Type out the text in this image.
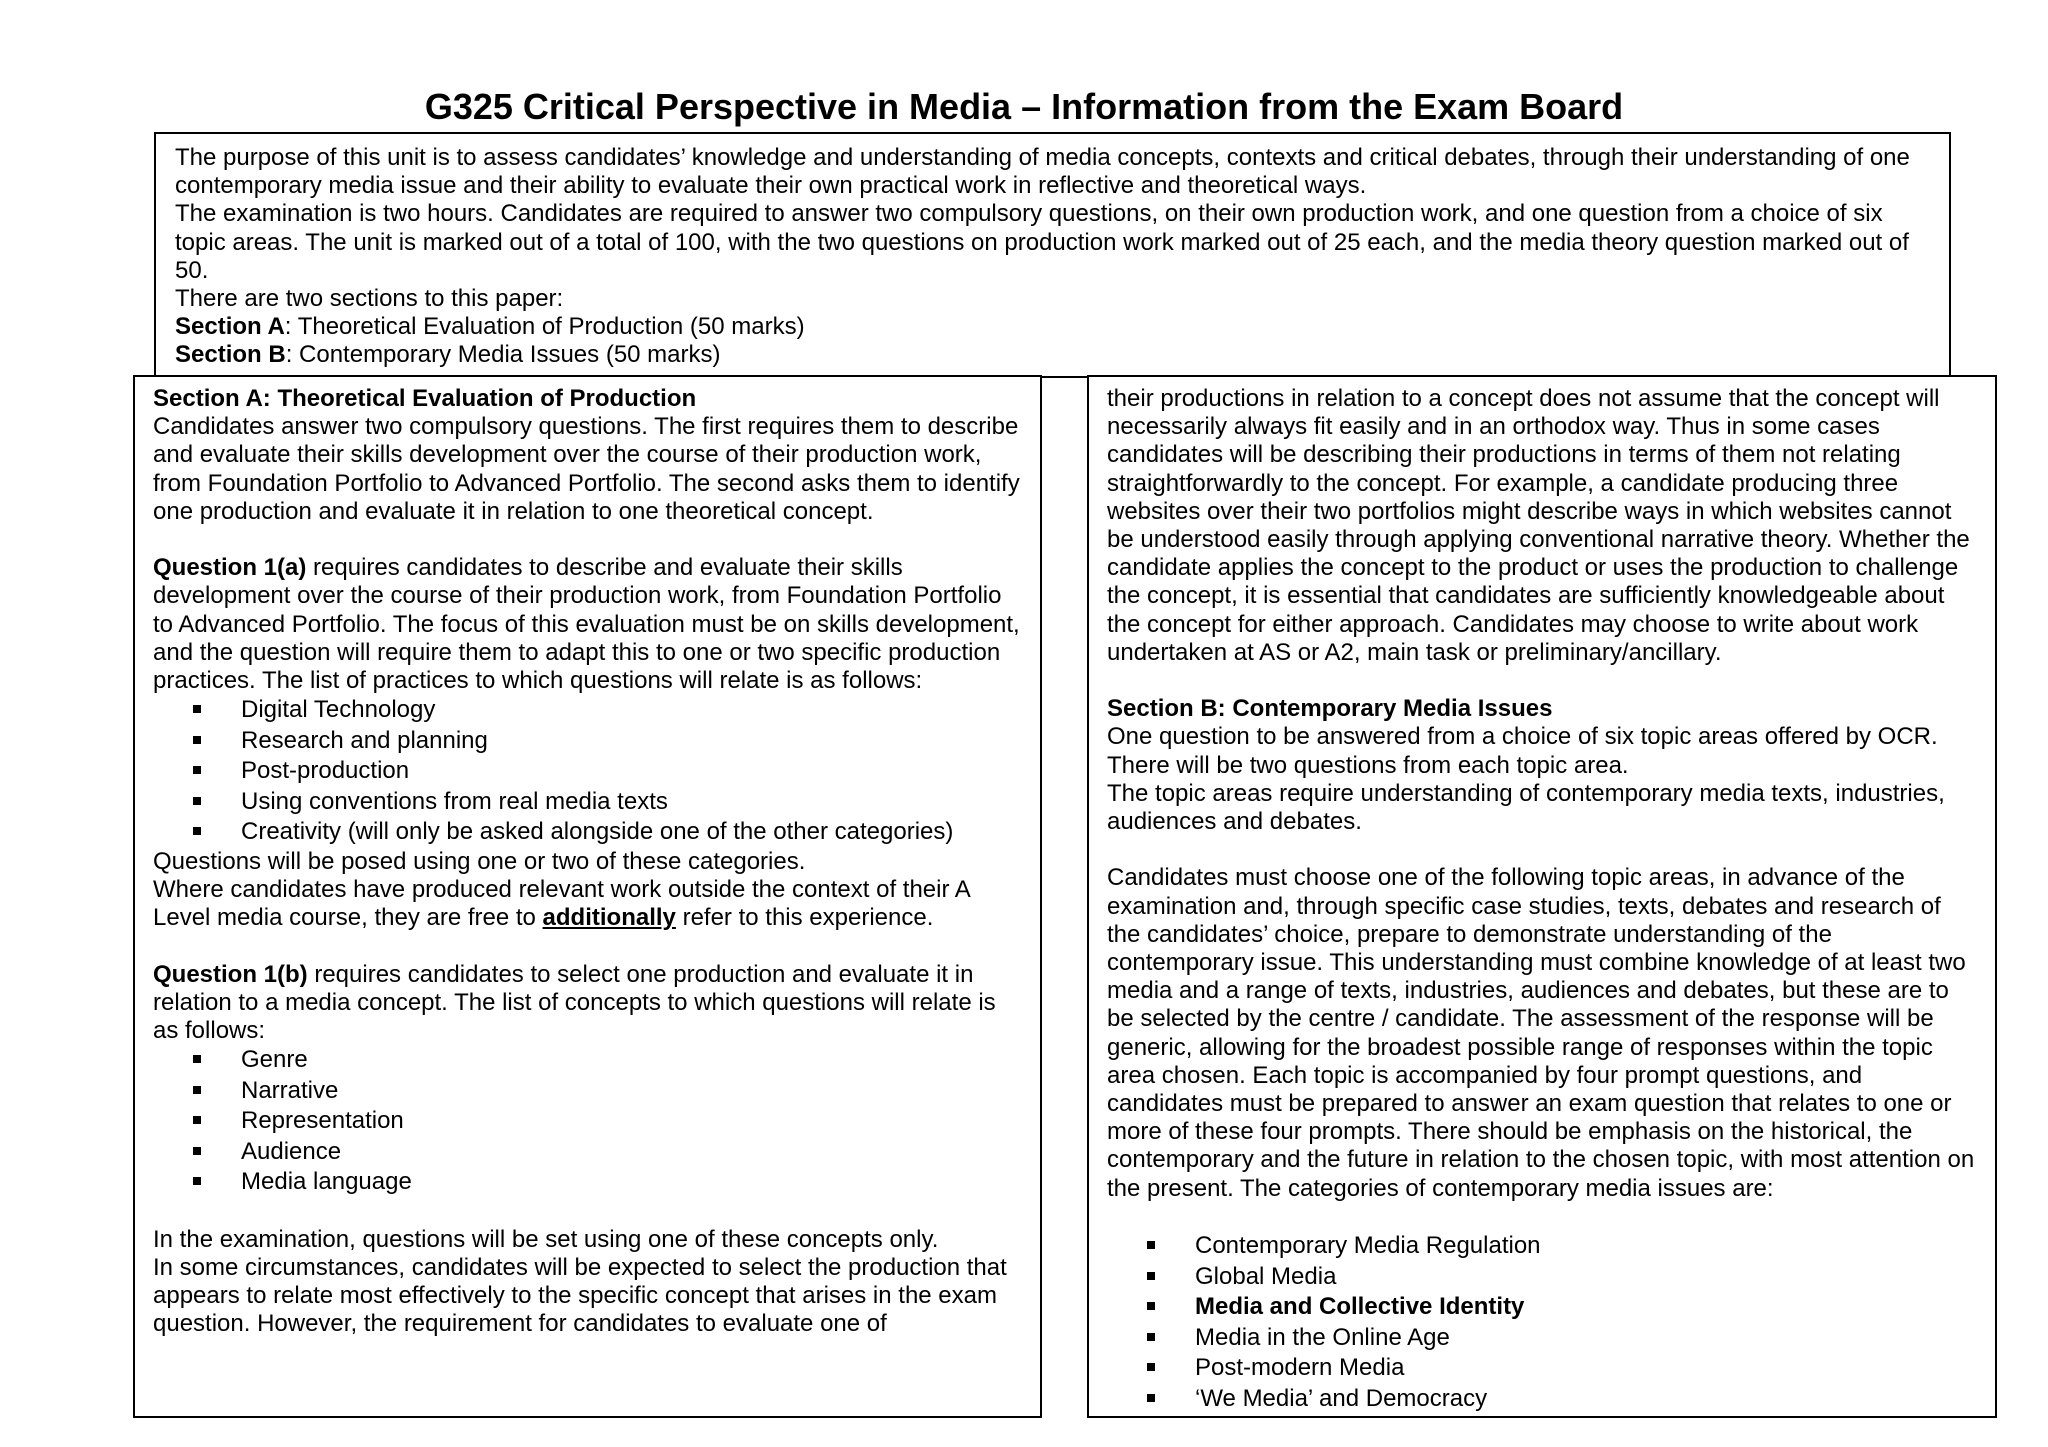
G325 Critical Perspective in Media – Information from the Exam Board

The purpose of this unit is to assess candidates’ knowledge and understanding of media concepts, contexts and critical debates, through their understanding of one contemporary media issue and their ability to evaluate their own practical work in reflective and theoretical ways.

The examination is two hours. Candidates are required to answer two compulsory questions, on their own production work, and one question from a choice of six topic areas. The unit is marked out of a total of 100, with the two questions on production work marked out of 25 each, and the media theory question marked out of 50.

There are two sections to this paper:

Section A: Theoretical Evaluation of Production (50 marks)

Section B: Contemporary Media Issues (50 marks)

Section A: Theoretical Evaluation of Production

Candidates answer two compulsory questions. The first requires them to describe and evaluate their skills development over the course of their production work, from Foundation Portfolio to Advanced Portfolio. The second asks them to identify one production and evaluate it in relation to one theoretical concept.

Question 1(a) requires candidates to describe and evaluate their skills development over the course of their production work, from Foundation Portfolio to Advanced Portfolio. The focus of this evaluation must be on skills development, and the question will require them to adapt this to one or two specific production practices. The list of practices to which questions will relate is as follows:

Digital Technology
Research and planning
Post-production
Using conventions from real media texts
Creativity (will only be asked alongside one of the other categories)

Questions will be posed using one or two of these categories.

Where candidates have produced relevant work outside the context of their A Level media course, they are free to additionally refer to this experience.

Question 1(b) requires candidates to select one production and evaluate it in relation to a media concept. The list of concepts to which questions will relate is as follows:

Genre
Narrative
Representation
Audience
Media language

In the examination, questions will be set using one of these concepts only.

In some circumstances, candidates will be expected to select the production that appears to relate most effectively to the specific concept that arises in the exam question. However, the requirement for candidates to evaluate one of

their productions in relation to a concept does not assume that the concept will necessarily always fit easily and in an orthodox way. Thus in some cases candidates will be describing their productions in terms of them not relating straightforwardly to the concept. For example, a candidate producing three websites over their two portfolios might describe ways in which websites cannot be understood easily through applying conventional narrative theory. Whether the candidate applies the concept to the product or uses the production to challenge the concept, it is essential that candidates are sufficiently knowledgeable about the concept for either approach. Candidates may choose to write about work undertaken at AS or A2, main task or preliminary/ancillary.

Section B: Contemporary Media Issues

One question to be answered from a choice of six topic areas offered by OCR.

There will be two questions from each topic area.

The topic areas require understanding of contemporary media texts, industries, audiences and debates.

Candidates must choose one of the following topic areas, in advance of the examination and, through specific case studies, texts, debates and research of the candidates’ choice, prepare to demonstrate understanding of the contemporary issue. This understanding must combine knowledge of at least two media and a range of texts, industries, audiences and debates, but these are to be selected by the centre / candidate. The assessment of the response will be generic, allowing for the broadest possible range of responses within the topic area chosen. Each topic is accompanied by four prompt questions, and candidates must be prepared to answer an exam question that relates to one or more of these four prompts. There should be emphasis on the historical, the contemporary and the future in relation to the chosen topic, with most attention on the present. The categories of contemporary media issues are:

Contemporary Media Regulation
Global Media
Media and Collective Identity
Media in the Online Age
Post-modern Media
‘We Media’ and Democracy
